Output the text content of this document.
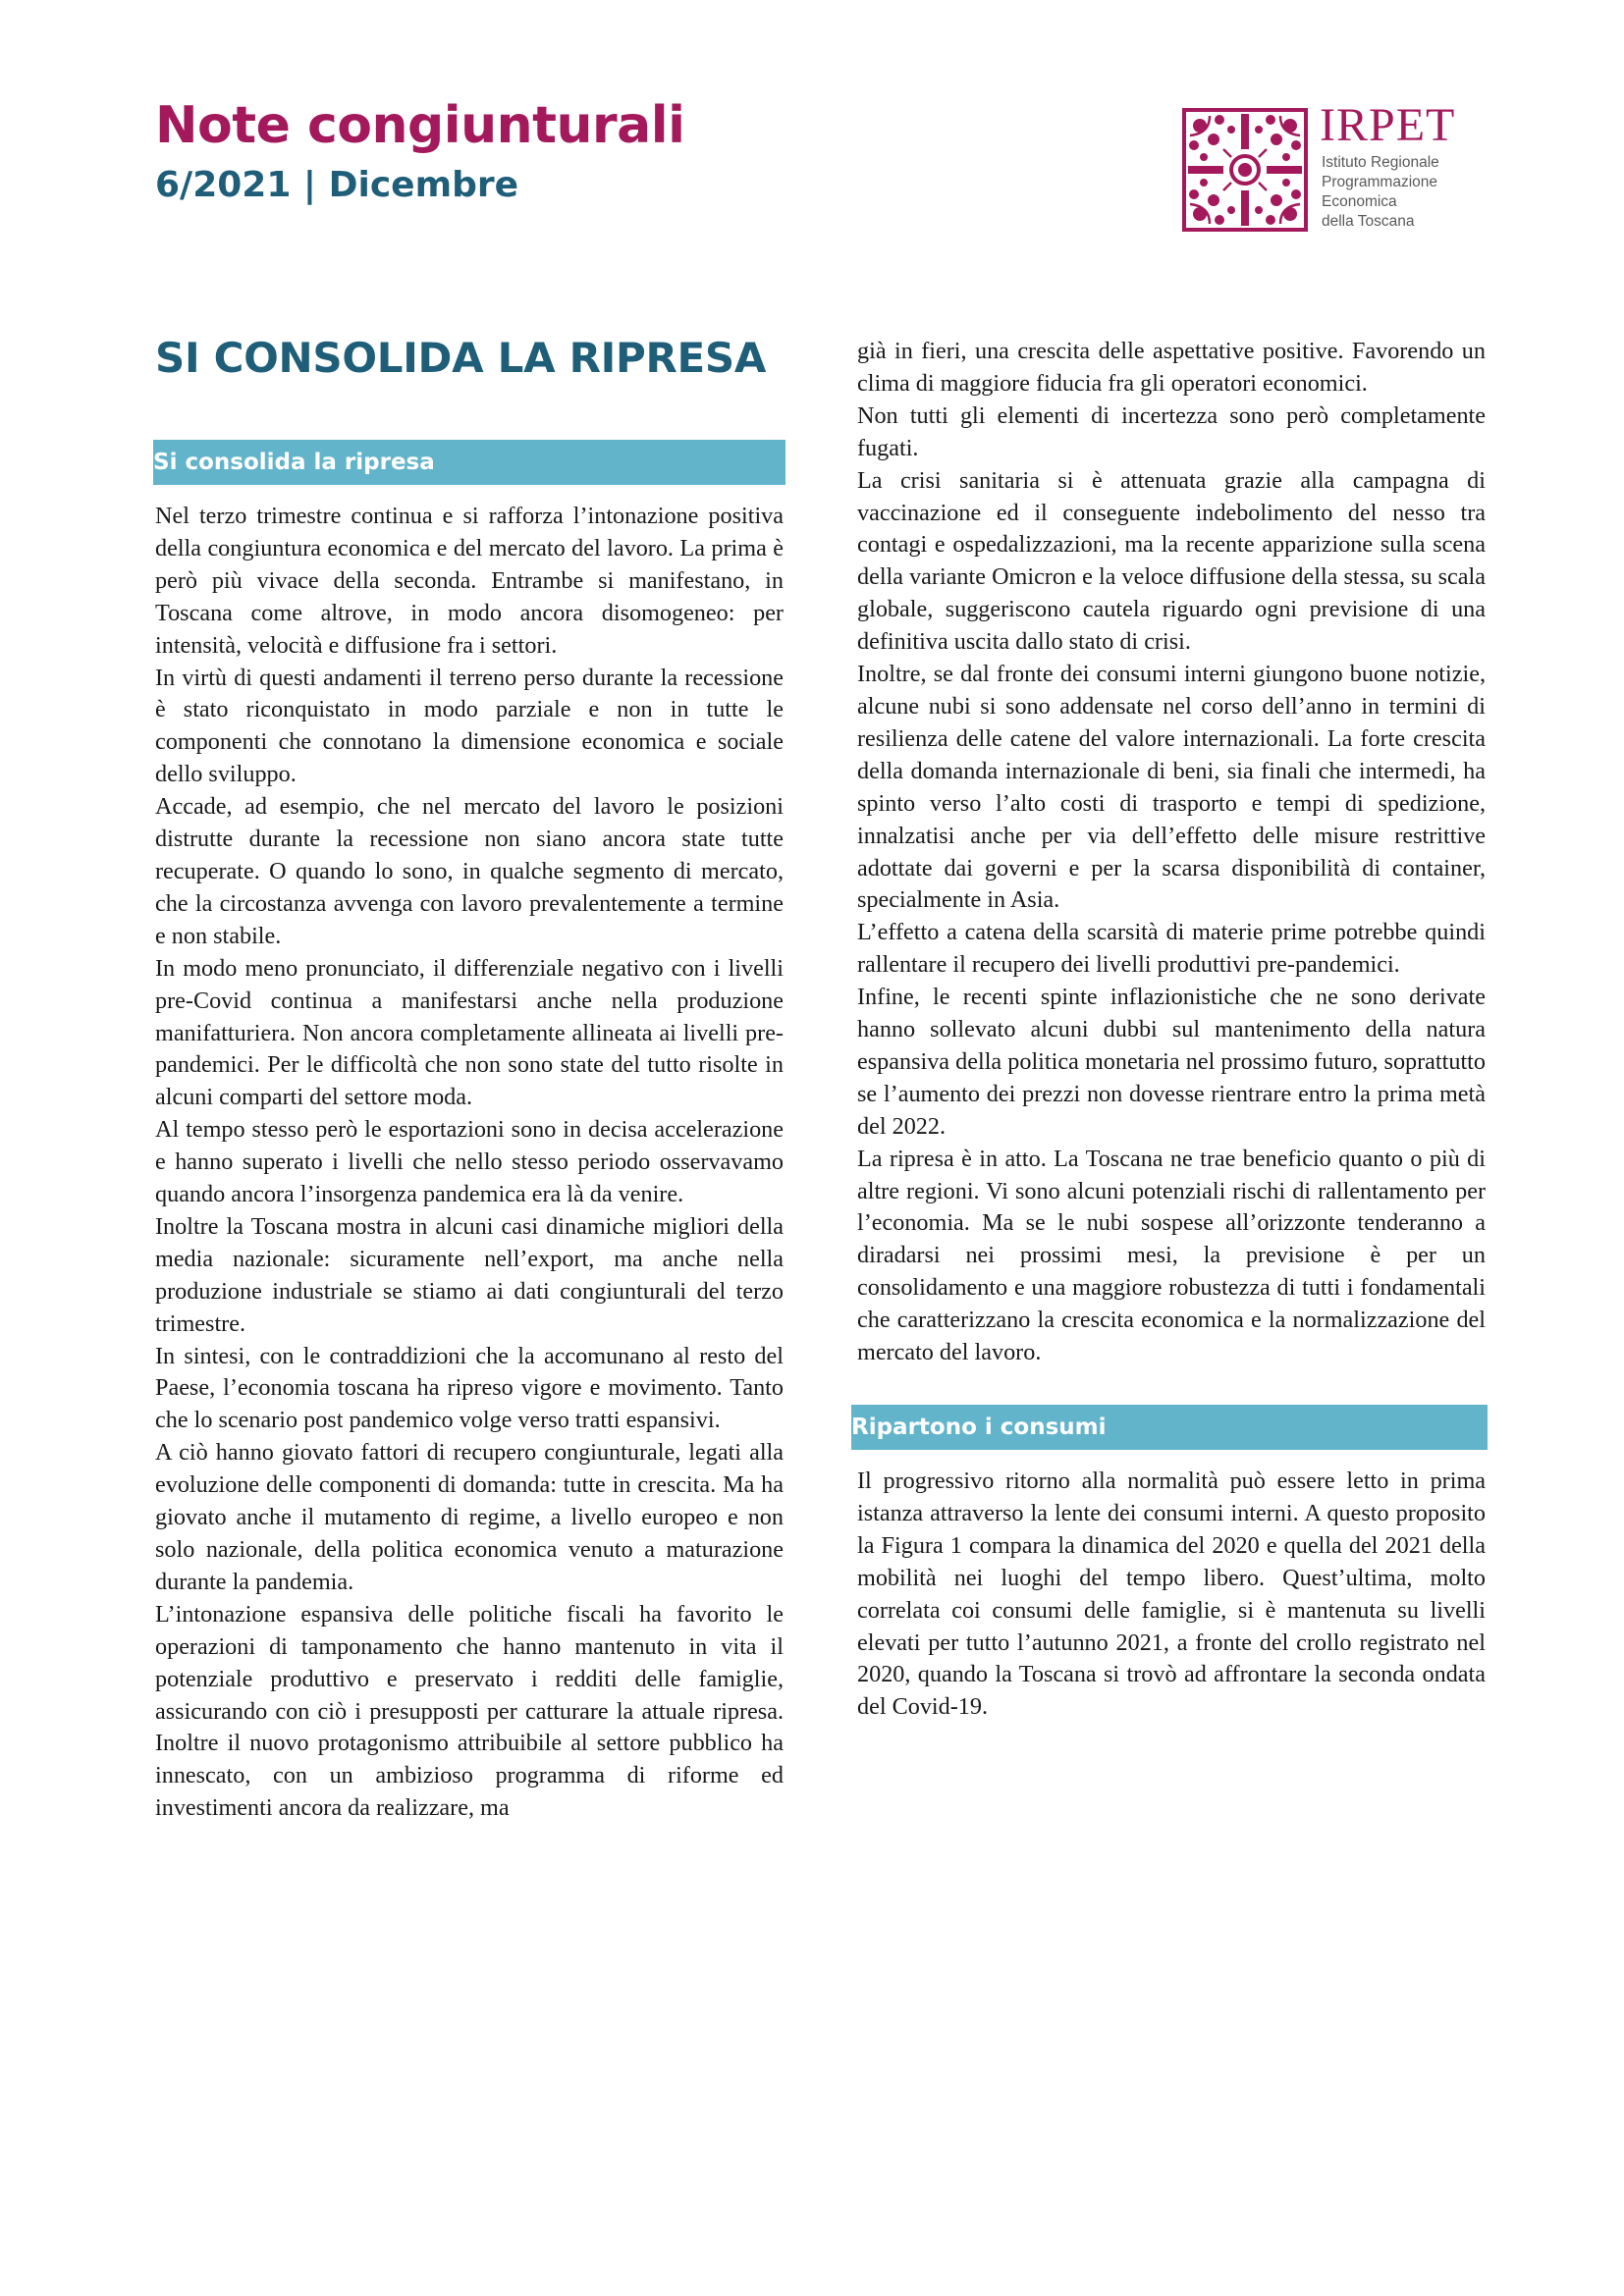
Note congiunturali
6/2021 | Dicembre
IRPET
Istituto Regionale
Programmazione
Economica
della Toscana
SI CONSOLIDA LA RIPRESA
Si consolida la ripresa

Nel terzo trimestre continua e si rafforza l’intonazione positiva della congiuntura economica e del mercato del lavoro. La prima è però più vivace della seconda. Entrambe si manifestano, in Toscana come altrove, in modo ancora disomogeneo: per intensità, velocità e diffusione fra i settori.

In virtù di questi andamenti il terreno perso durante la recessione è stato riconquistato in modo parziale e non in tutte le componenti che connotano la dimensione economica e sociale dello sviluppo.

Accade, ad esempio, che nel mercato del lavoro le posizioni distrutte durante la recessione non siano ancora state tutte recuperate. O quando lo sono, in qualche segmento di mercato, che la circostanza avvenga con lavoro prevalentemente a termine e non stabile.

In modo meno pronunciato, il differenziale negativo con i livelli pre-Covid continua a manifestarsi anche nella produzione manifatturiera. Non ancora completamente allineata ai livelli pre-pandemici. Per le difficoltà che non sono state del tutto risolte in alcuni comparti del settore moda.

Al tempo stesso però le esportazioni sono in decisa accelerazione e hanno superato i livelli che nello stesso periodo osservavamo quando ancora l’insorgenza pandemica era là da venire.

Inoltre la Toscana mostra in alcuni casi dinamiche migliori della media nazionale: sicuramente nell’export, ma anche nella produzione industriale se stiamo ai dati congiunturali del terzo trimestre.

In sintesi, con le contraddizioni che la accomunano al resto del Paese, l’economia toscana ha ripreso vigore e movimento. Tanto che lo scenario post pandemico volge verso tratti espansivi.

A ciò hanno giovato fattori di recupero congiunturale, legati alla evoluzione delle componenti di domanda: tutte in crescita. Ma ha giovato anche il mutamento di regime, a livello europeo e non solo nazionale, della politica economica venuto a maturazione durante la pandemia.

L’intonazione espansiva delle politiche fiscali ha favorito le operazioni di tamponamento che hanno mantenuto in vita il potenziale produttivo e preservato i redditi delle famiglie, assicurando con ciò i presupposti per catturare la attuale ripresa. Inoltre il nuovo protagonismo attribuibile al settore pubblico ha innescato, con un ambizioso programma di riforme ed investimenti ancora da realizzare, ma

già in fieri, una crescita delle aspettative positive. Favorendo un clima di maggiore fiducia fra gli operatori economici.

Non tutti gli elementi di incertezza sono però completamente fugati.

La crisi sanitaria si è attenuata grazie alla campagna di vaccinazione ed il conseguente indebolimento del nesso tra contagi e ospedalizzazioni, ma la recente apparizione sulla scena della variante Omicron e la veloce diffusione della stessa, su scala globale, suggeriscono cautela riguardo ogni previsione di una definitiva uscita dallo stato di crisi.

Inoltre, se dal fronte dei consumi interni giungono buone notizie, alcune nubi si sono addensate nel corso dell’anno in termini di resilienza delle catene del valore internazionali. La forte crescita della domanda internazionale di beni, sia finali che intermedi, ha spinto verso l’alto costi di trasporto e tempi di spedizione, innalzatisi anche per via dell’effetto delle misure restrittive adottate dai governi e per la scarsa disponibilità di container, specialmente in Asia.

L’effetto a catena della scarsità di materie prime potrebbe quindi rallentare il recupero dei livelli produttivi pre-pandemici.

Infine, le recenti spinte inflazionistiche che ne sono derivate hanno sollevato alcuni dubbi sul mantenimento della natura espansiva della politica monetaria nel prossimo futuro, soprattutto se l’aumento dei prezzi non dovesse rientrare entro la prima metà del 2022.

La ripresa è in atto. La Toscana ne trae beneficio quanto o più di altre regioni. Vi sono alcuni potenziali rischi di rallentamento per l’economia. Ma se le nubi sospese all’orizzonte tenderanno a diradarsi nei prossimi mesi, la previsione è per un consolidamento e una maggiore robustezza di tutti i fondamentali che caratterizzano la crescita economica e la normalizzazione del mercato del lavoro.

Ripartono i consumi

Il progressivo ritorno alla normalità può essere letto in prima istanza attraverso la lente dei consumi interni. A questo proposito la Figura 1 compara la dinamica del 2020 e quella del 2021 della mobilità nei luoghi del tempo libero. Quest’ultima, molto correlata coi consumi delle famiglie, si è mantenuta su livelli elevati per tutto l’autunno 2021, a fronte del crollo registrato nel 2020, quando la Toscana si trovò ad affrontare la seconda ondata del Covid-19.
